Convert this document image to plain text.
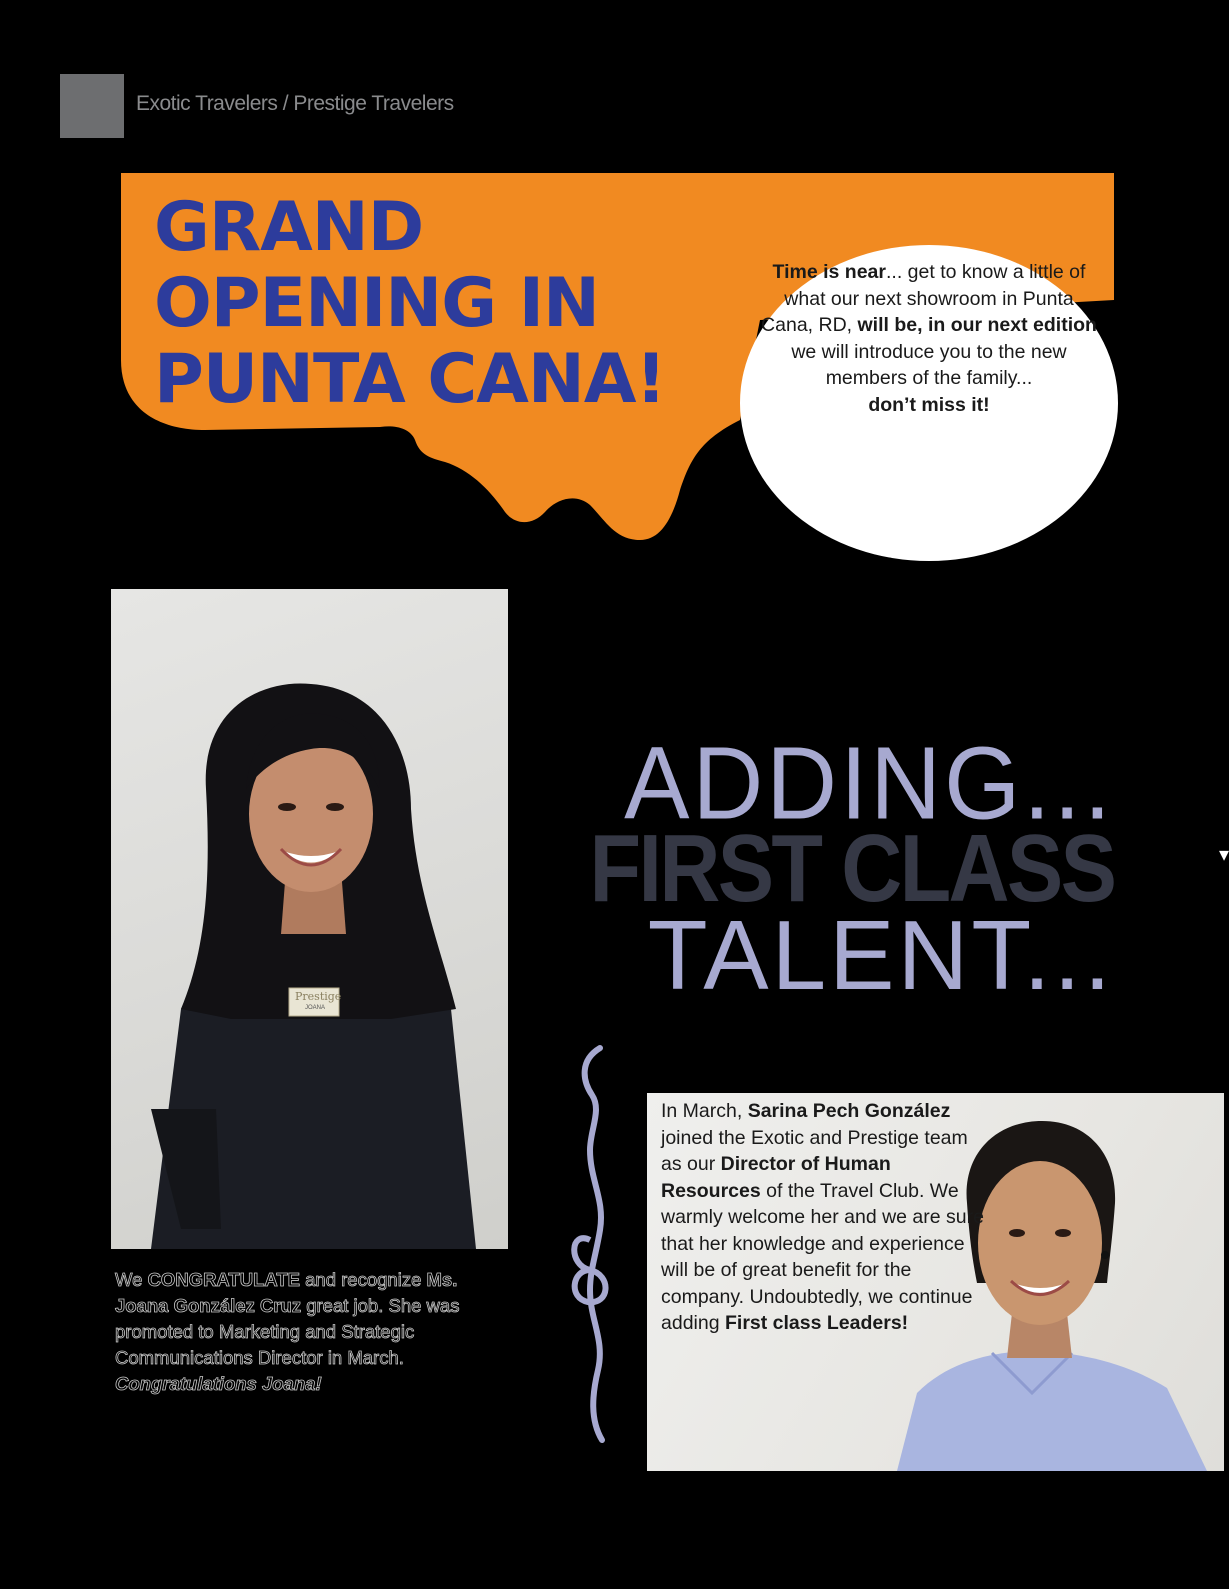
Exotic Travelers / Prestige Travelers
GRAND
OPENING IN
PUNTA CANA!
Time is near... get to know a little of what our next showroom in Punta Cana, RD, will be, in our next edition we will introduce you to the new members of the family...
don’t miss it!
Prestige
JOANA
ADDING...
FIRST CLASS
TALENT...
▾
We CONGRATULATE and recognize Ms. Joana González Cruz great job. She was promoted to Marketing and Strategic Communications Director in March. Congratulations Joana!
In March, Sarina Pech González joined the Exotic and Prestige team as our Director of Human Resources of the Travel Club. We warmly welcome her and we are sure that her knowledge and experience will be of great benefit for the company. Undoubtedly, we continue adding First class Leaders!
